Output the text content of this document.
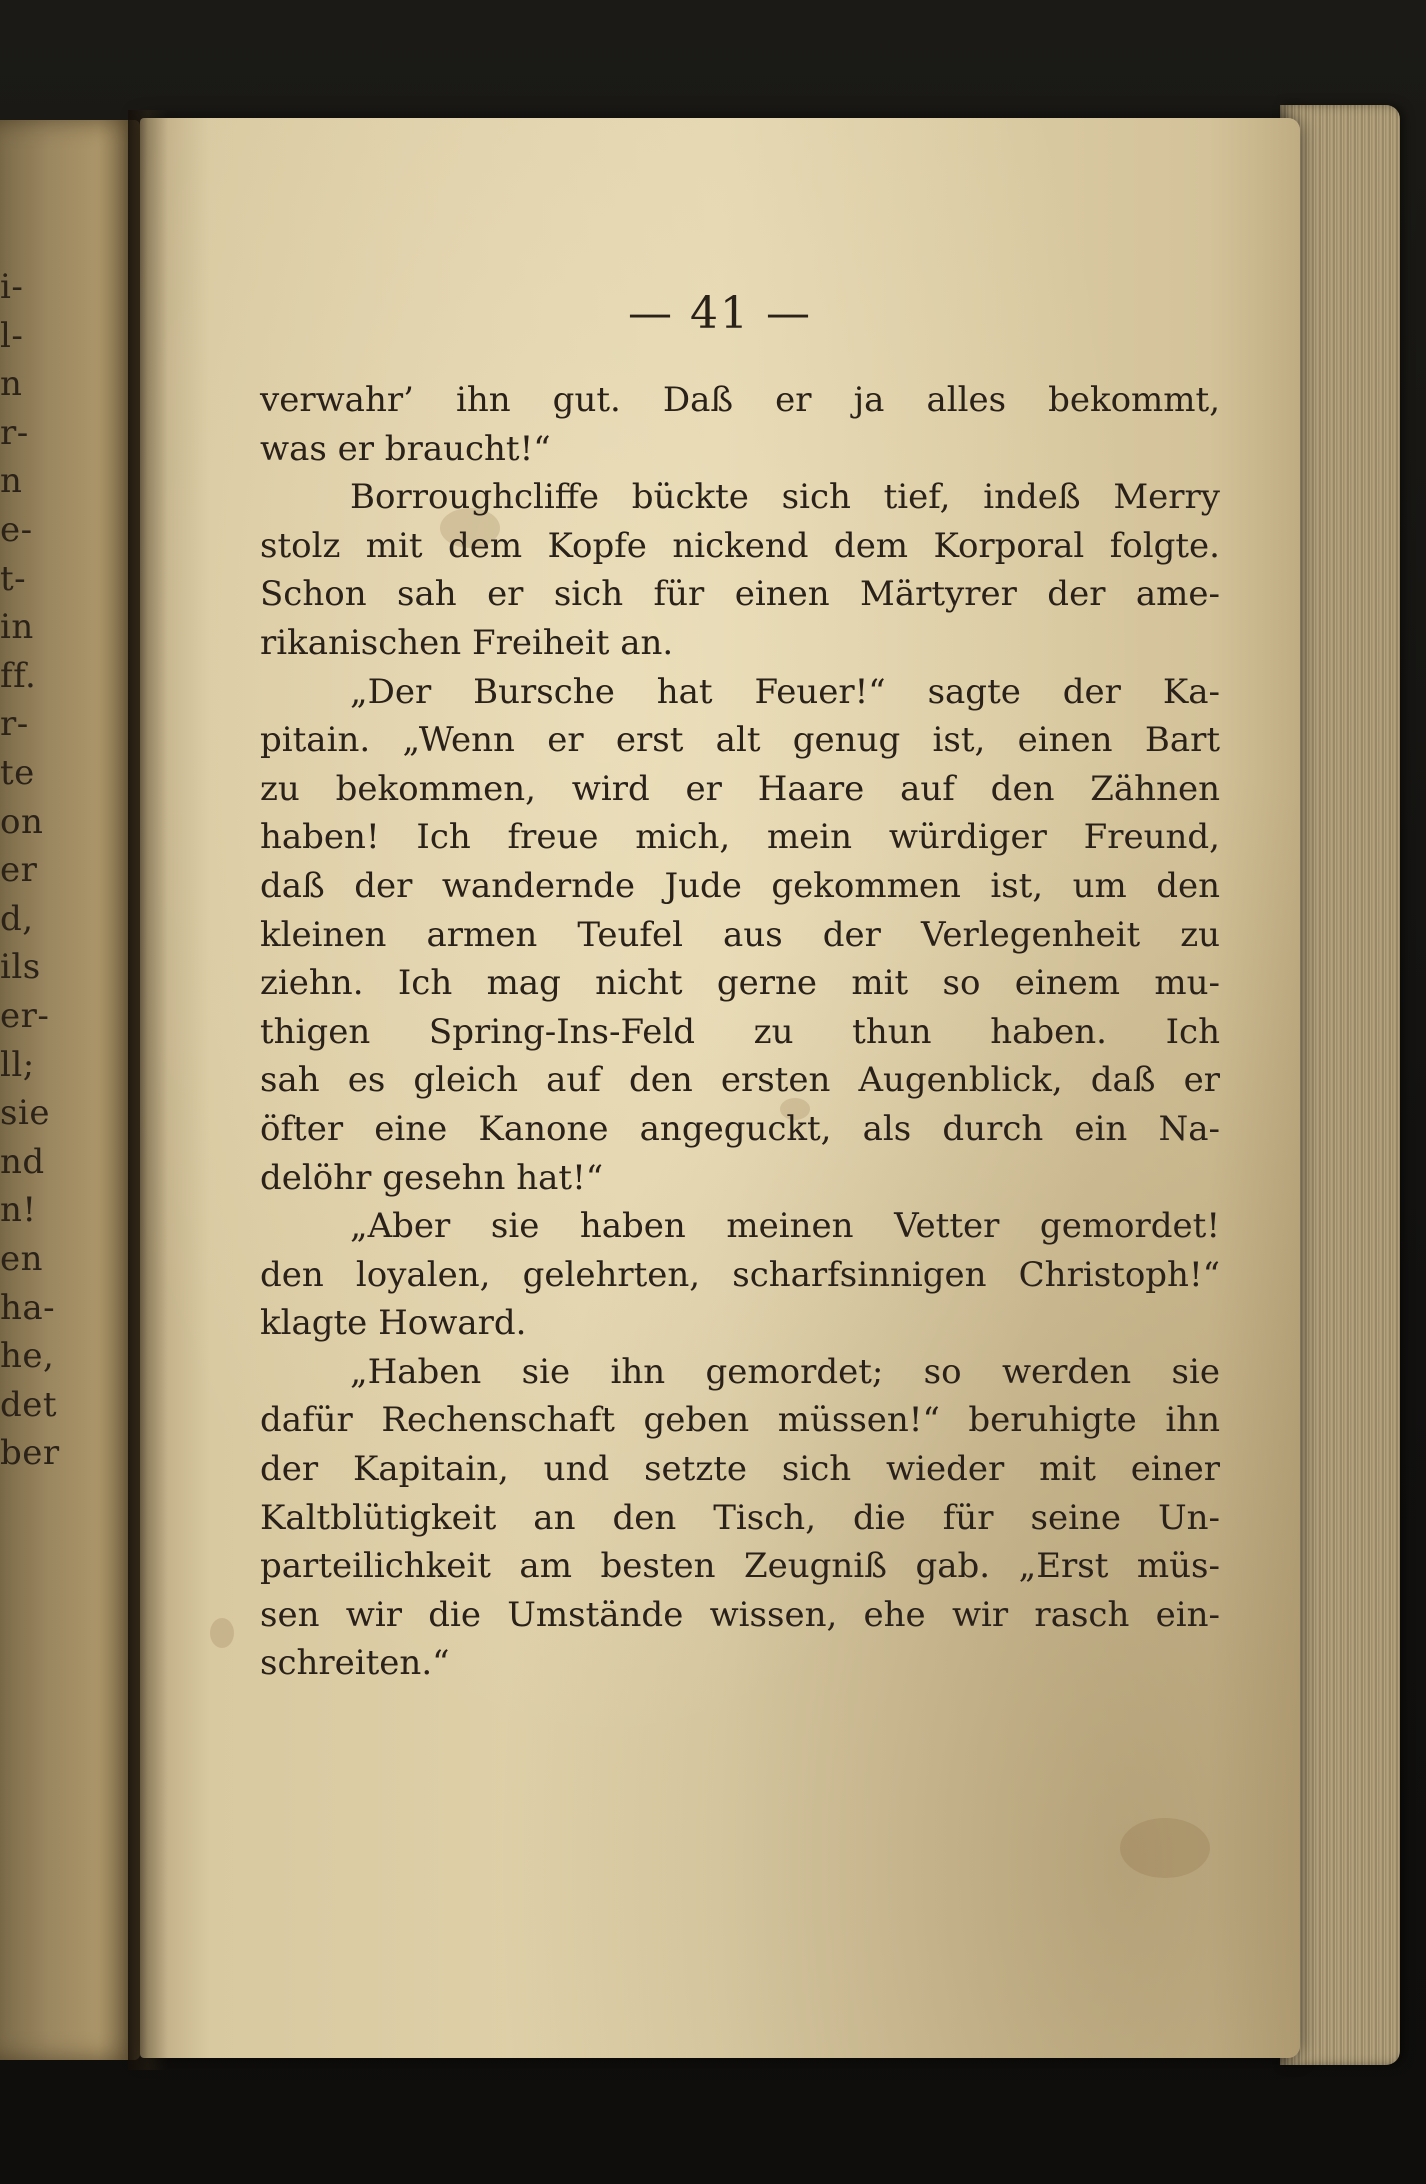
i-
l-
n
r-
n
e-
t-
in
ff.
r-
te
on
er
d,
ils
er-
ll;
sie
nd
n!
en
ha-
he,
det
ber
— 41 —
verwahr’ ihn gut. Daß er ja alles bekommt,
was er braucht!“
Borroughcliffe bückte sich tief, indeß Merry
stolz mit dem Kopfe nickend dem Korporal folgte.
Schon sah er sich für einen Märtyrer der ame-
rikanischen Freiheit an.
„Der Bursche hat Feuer!“ sagte der Ka-
pitain. „Wenn er erst alt genug ist, einen Bart
zu bekommen, wird er Haare auf den Zähnen
haben! Ich freue mich, mein würdiger Freund,
daß der wandernde Jude gekommen ist, um den
kleinen armen Teufel aus der Verlegenheit zu
ziehn. Ich mag nicht gerne mit so einem mu-
thigen Spring-Ins-Feld zu thun haben. Ich
sah es gleich auf den ersten Augenblick, daß er
öfter eine Kanone angeguckt, als durch ein Na-
delöhr gesehn hat!“
„Aber sie haben meinen Vetter gemordet!
den loyalen, gelehrten, scharfsinnigen Christoph!“
klagte Howard.
„Haben sie ihn gemordet; so werden sie
dafür Rechenschaft geben müssen!“ beruhigte ihn
der Kapitain, und setzte sich wieder mit einer
Kaltblütigkeit an den Tisch, die für seine Un-
parteilichkeit am besten Zeugniß gab. „Erst müs-
sen wir die Umstände wissen, ehe wir rasch ein-
schreiten.“
